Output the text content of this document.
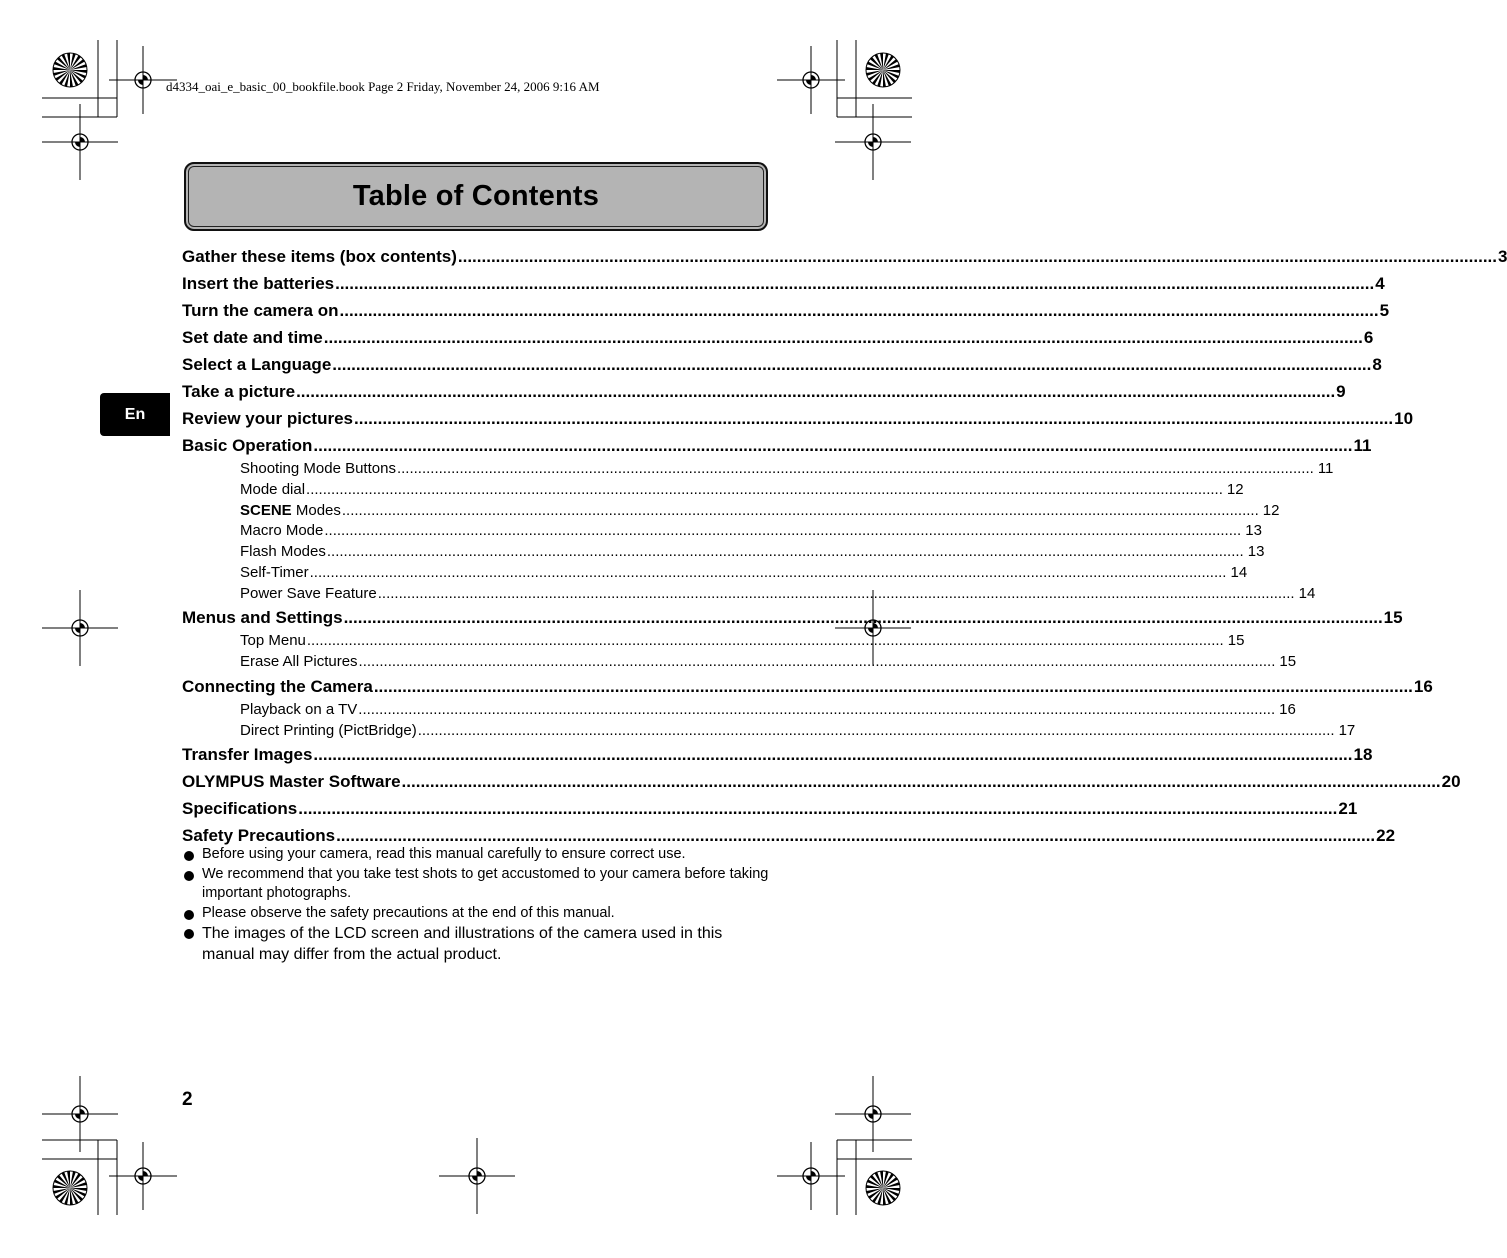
d4334_oai_e_basic_00_bookfile.book Page 2 Friday, November 24, 2006 9:16 AM
Table of Contents
En
Gather these items (box contents) ............................................................................................................................................................................................................................ 3
Insert the batteries ............................................................................................................................................................................................................................ 4
Turn the camera on ............................................................................................................................................................................................................................ 5
Set date and time ............................................................................................................................................................................................................................ 6
Select a Language ............................................................................................................................................................................................................................ 8
Take a picture ............................................................................................................................................................................................................................ 9
Review your pictures ............................................................................................................................................................................................................................ 10
Basic Operation ............................................................................................................................................................................................................................ 11
Shooting Mode Buttons ............................................................................................................................................................................................................................ 11
Mode dial ............................................................................................................................................................................................................................ 12
SCENE Modes ............................................................................................................................................................................................................................ 12
Macro Mode ............................................................................................................................................................................................................................ 13
Flash Modes ............................................................................................................................................................................................................................ 13
Self-Timer ............................................................................................................................................................................................................................ 14
Power Save Feature ............................................................................................................................................................................................................................ 14
Menus and Settings ............................................................................................................................................................................................................................ 15
Top Menu ............................................................................................................................................................................................................................ 15
Erase All Pictures ............................................................................................................................................................................................................................ 15
Connecting the Camera ............................................................................................................................................................................................................................ 16
Playback on a TV ............................................................................................................................................................................................................................ 16
Direct Printing (PictBridge) ............................................................................................................................................................................................................................ 17
Transfer Images ............................................................................................................................................................................................................................ 18
OLYMPUS Master Software ............................................................................................................................................................................................................................ 20
Specifications ............................................................................................................................................................................................................................ 21
Safety Precautions ............................................................................................................................................................................................................................ 22
Before using your camera, read this manual carefully to ensure correct use.
We recommend that you take test shots to get accustomed to your camera before taking important photographs.
Please observe the safety precautions at the end of this manual.
The images of the LCD screen and illustrations of the camera used in this manual may differ from the actual product.
2
